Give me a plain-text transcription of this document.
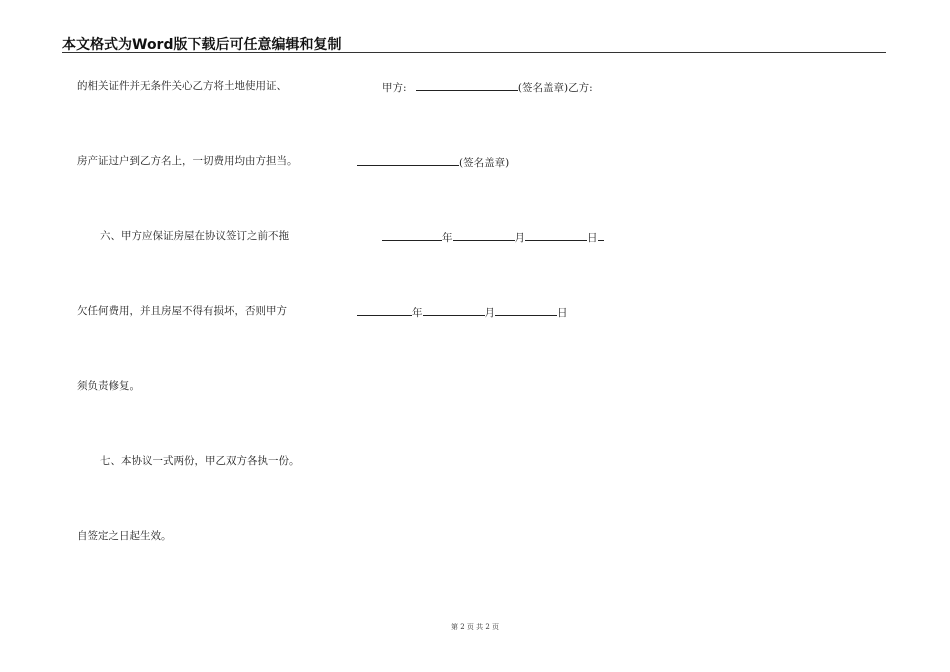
本文格式为Word版下载后可任意编辑和复制
的相关证件并无条件关心乙方将土地使用证、
房产证过户到乙方名上，一切费用均由方担当。
六、甲方应保证房屋在协议签订之前不拖
欠任何费用，并且房屋不得有损坏，否则甲方
须负责修复。
七、本协议一式两份，甲乙双方各执一份。
自签定之日起生效。
甲方:	(签名盖章)乙方:
(签名盖章)
年	月	日
年	月	日
第 2 页 共 2 页
